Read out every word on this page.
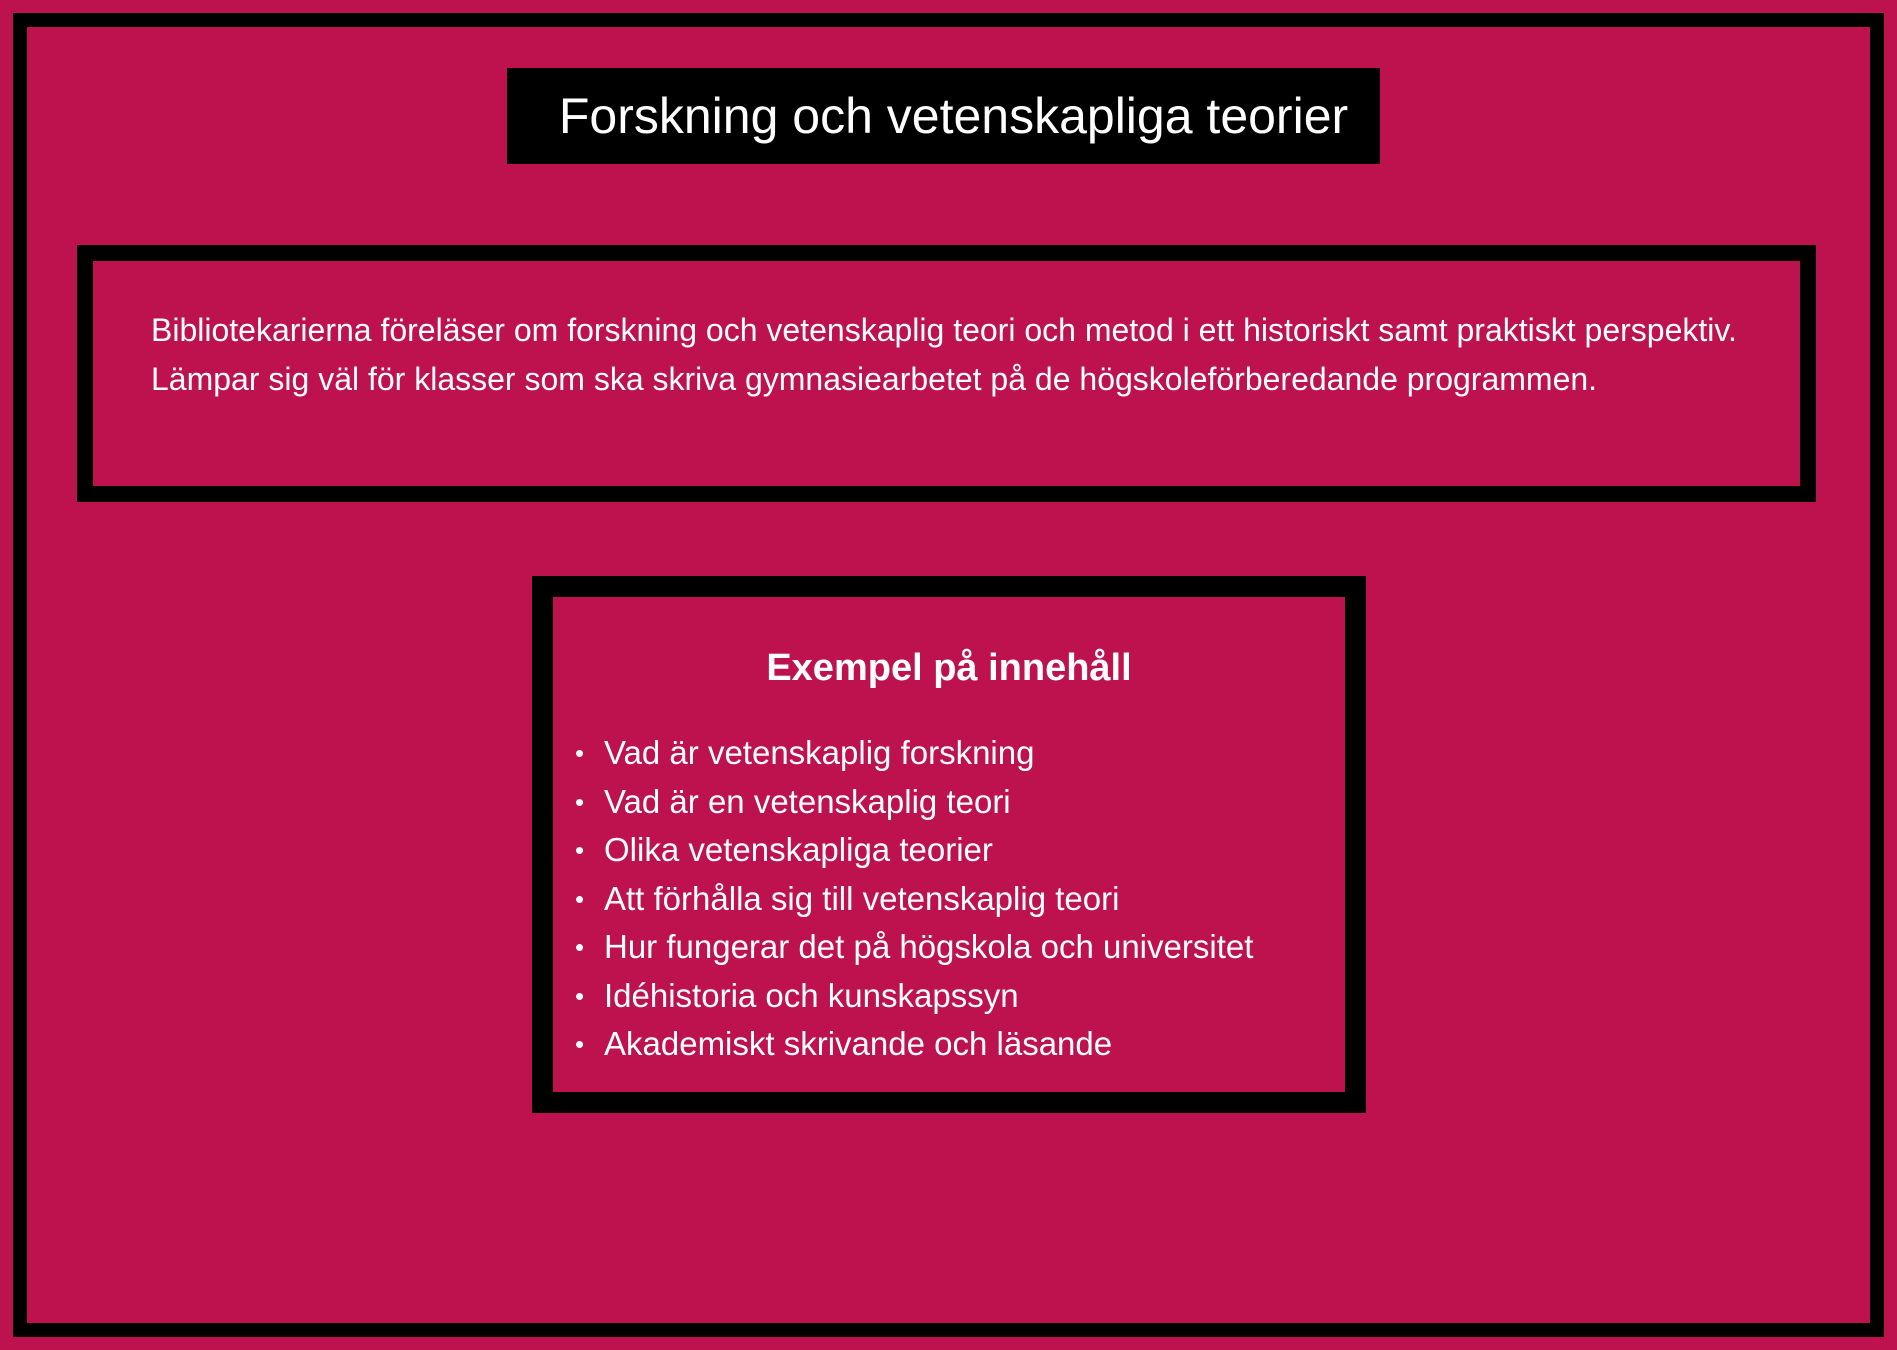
Forskning och vetenskapliga teorier

Bibliotekarierna föreläser om forskning och vetenskaplig teori och metod i ett historiskt samt praktiskt perspektiv. Lämpar sig väl för klasser som ska skriva gymnasiearbetet på de högskoleförberedande programmen.

Exempel på innehåll
• Vad är vetenskaplig forskning
• Vad är en vetenskaplig teori
• Olika vetenskapliga teorier
• Att förhålla sig till vetenskaplig teori
• Hur fungerar det på högskola och universitet
• Idéhistoria och kunskapssyn
• Akademiskt skrivande och läsande
